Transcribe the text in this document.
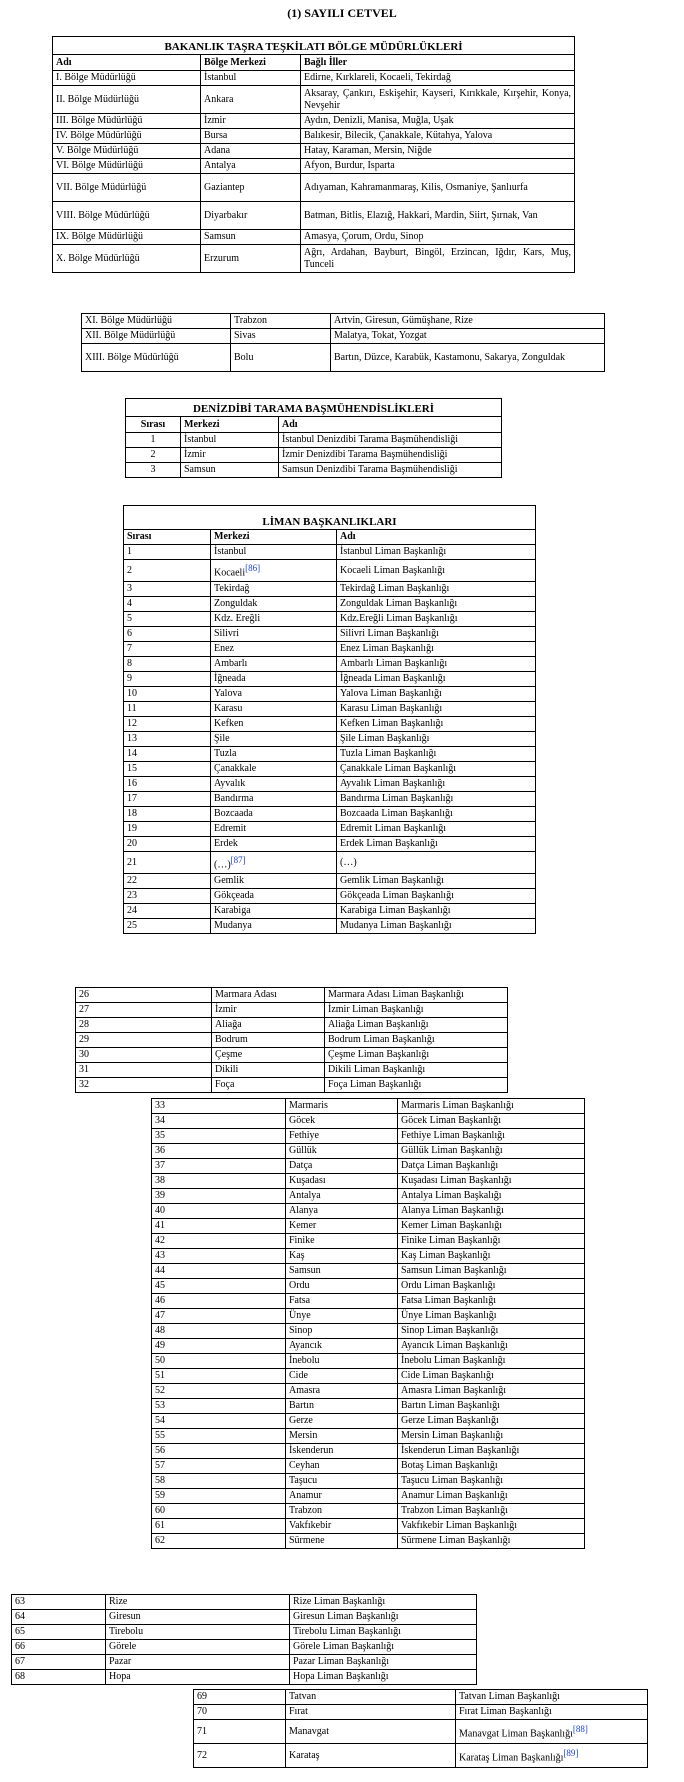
(1) SAYILI CETVEL
BAKANLIK TAŞRA TEŞKİLATI BÖLGE MÜDÜRLÜKLERİ		
Adı	Bölge Merkezi	Bağlı İller
I. Bölge Müdürlüğü	İstanbul	Edirne, Kırklareli, Kocaeli, Tekirdağ
II. Bölge Müdürlüğü	Ankara	Aksaray, Çankırı, Eskişehir, Kayseri, Kırıkkale, Kırşehir, Konya, Nevşehir
III. Bölge Müdürlüğü	İzmir	Aydın, Denizli, Manisa, Muğla, Uşak
IV. Bölge Müdürlüğü	Bursa	Balıkesir, Bilecik, Çanakkale, Kütahya, Yalova
V. Bölge Müdürlüğü	Adana	Hatay, Karaman, Mersin, Niğde
VI. Bölge Müdürlüğü	Antalya	Afyon, Burdur, Isparta
VII. Bölge Müdürlüğü	Gaziantep	Adıyaman, Kahramanmaraş, Kilis, Osmaniye, Şanlıurfa
VIII. Bölge Müdürlüğü	Diyarbakır	Batman, Bitlis, Elazığ, Hakkari, Mardin, Siirt, Şırnak, Van
IX. Bölge Müdürlüğü	Samsun	Amasya, Çorum, Ordu, Sinop
X. Bölge Müdürlüğü	Erzurum	Ağrı, Ardahan, Bayburt, Bingöl, Erzincan, Iğdır, Kars, Muş, Tunceli
XI. Bölge Müdürlüğü	Trabzon	Artvin, Giresun, Gümüşhane, Rize
XII. Bölge Müdürlüğü	Sivas	Malatya, Tokat, Yozgat
XIII. Bölge Müdürlüğü	Bolu	Bartın, Düzce, Karabük, Kastamonu, Sakarya, Zonguldak
DENİZDİBİ TARAMA BAŞMÜHENDİSLİKLERİ		
Sırası	Merkezi	Adı
1	İstanbul	İstanbul Denizdibi Tarama Başmühendisliği
2	İzmir	İzmir Denizdibi Tarama Başmühendisliği
3	Samsun	Samsun Denizdibi Tarama Başmühendisliği
LİMAN BAŞKANLIKLARI		
Sırası	Merkezi	Adı
1	İstanbul	İstanbul Liman Başkanlığı
2	Kocaeli[86]	Kocaeli Liman Başkanlığı
3	Tekirdağ	Tekirdağ Liman Başkanlığı
4	Zonguldak	Zonguldak Liman Başkanlığı
5	Kdz. Ereğli	Kdz.Ereğli Liman Başkanlığı
6	Silivri	Silivri Liman Başkanlığı
7	Enez	Enez Liman Başkanlığı
8	Ambarlı	Ambarlı Liman Başkanlığı
9	İğneada	İğneada Liman Başkanlığı
10	Yalova	Yalova Liman Başkanlığı
11	Karasu	Karasu Liman Başkanlığı
12	Kefken	Kefken Liman Başkanlığı
13	Şile	Şile Liman Başkanlığı
14	Tuzla	Tuzla Liman Başkanlığı
15	Çanakkale	Çanakkale Liman Başkanlığı
16	Ayvalık	Ayvalık Liman Başkanlığı
17	Bandırma	Bandırma Liman Başkanlığı
18	Bozcaada	Bozcaada Liman Başkanlığı
19	Edremit	Edremit Liman Başkanlığı
20	Erdek	Erdek Liman Başkanlığı
21	(…)[87]	(…)
22	Gemlik	Gemlik Liman Başkanlığı
23	Gökçeada	Gökçeada Liman Başkanlığı
24	Karabiga	Karabiga Liman Başkanlığı
25	Mudanya	Mudanya Liman Başkanlığı
26	Marmara Adası	Marmara Adası Liman Başkanlığı
27	İzmir	İzmir Liman Başkanlığı
28	Aliağa	Aliağa Liman Başkanlığı
29	Bodrum	Bodrum Liman Başkanlığı
30	Çeşme	Çeşme Liman Başkanlığı
31	Dikili	Dikili Liman Başkanlığı
32	Foça	Foça Liman Başkanlığı
33	Marmaris	Marmaris Liman Başkanlığı
34	Göcek	Göcek Liman Başkanlığı
35	Fethiye	Fethiye Liman Başkanlığı
36	Güllük	Güllük Liman Başkanlığı
37	Datça	Datça Liman Başkanlığı
38	Kuşadası	Kuşadası Liman Başkanlığı
39	Antalya	Antalya Liman Başkalığı
40	Alanya	Alanya Liman Başkanlığı
41	Kemer	Kemer Liman Başkanlığı
42	Finike	Finike Liman Başkanlığı
43	Kaş	Kaş Liman Başkanlığı
44	Samsun	Samsun Liman Başkanlığı
45	Ordu	Ordu Liman Başkanlığı
46	Fatsa	Fatsa Liman Başkanlığı
47	Ünye	Ünye Liman Başkanlığı
48	Sinop	Sinop Liman Başkanlığı
49	Ayancık	Ayancık Liman Başkanlığı
50	İnebolu	İnebolu Liman Başkanlığı
51	Cide	Cide Liman Başkanlığı
52	Amasra	Amasra Liman Başkanlığı
53	Bartın	Bartın Liman Başkanlığı
54	Gerze	Gerze Liman Başkanlığı
55	Mersin	Mersin Liman Başkanlığı
56	İskenderun	İskenderun Liman Başkanlığı
57	Ceyhan	Botaş Liman Başkanlığı
58	Taşucu	Taşucu Liman Başkanlığı
59	Anamur	Anamur Liman Başkanlığı
60	Trabzon	Trabzon Liman Başkanlığı
61	Vakfıkebir	Vakfıkebir Liman Başkanlığı
62	Sürmene	Sürmene Liman Başkanlığı
63	Rize	Rize Liman Başkanlığı
64	Giresun	Giresun Liman Başkanlığı
65	Tirebolu	Tirebolu Liman Başkanlığı
66	Görele	Görele Liman Başkanlığı
67	Pazar	Pazar Liman Başkanlığı
68	Hopa	Hopa Liman Başkanlığı
69	Tatvan	Tatvan Liman Başkanlığı
70	Fırat	Fırat Liman Başkanlığı
71	Manavgat	Manavgat Liman Başkanlığı[88]
72	Karataş	Karataş Liman Başkanlığı[89]
